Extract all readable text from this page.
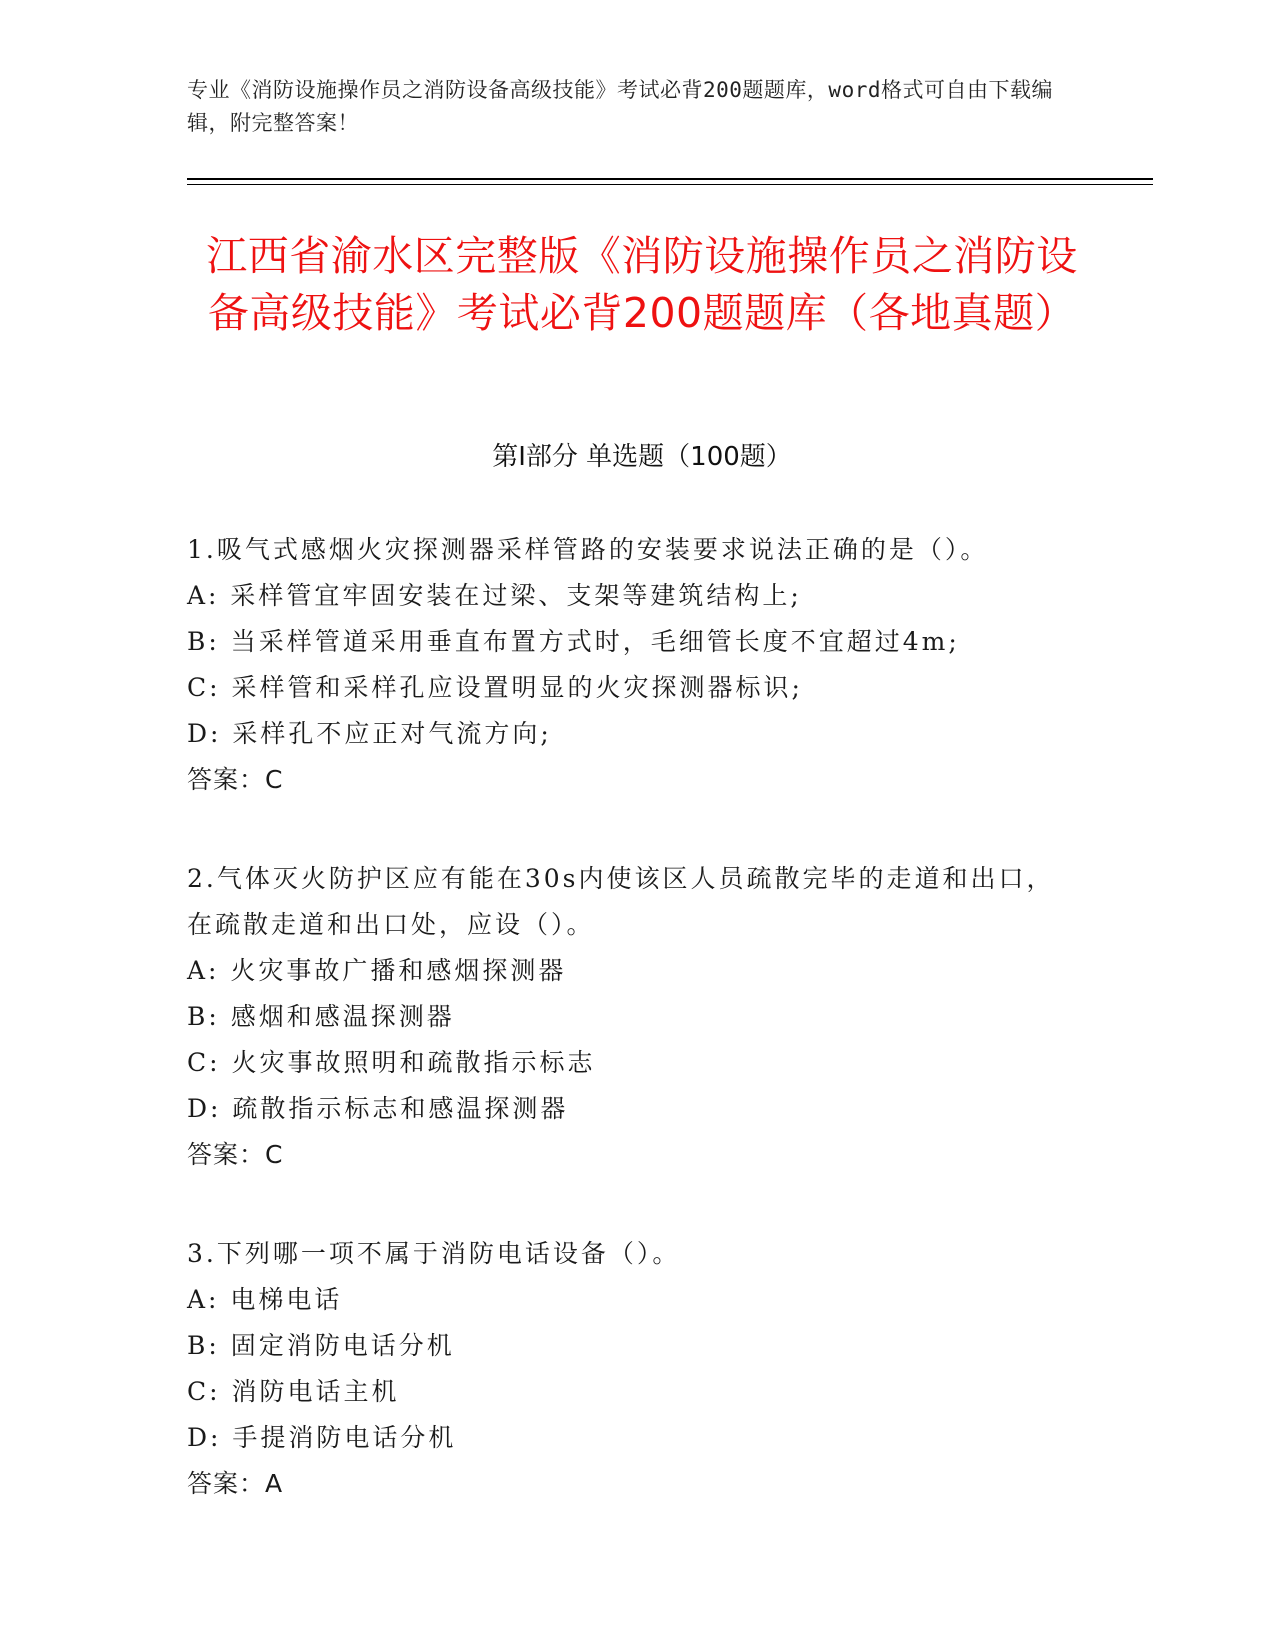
专业《消防设施操作员之消防设备高级技能》考试必背200题题库，word格式可自由下载编辑，附完整答案！
江西省渝水区完整版《消防设施操作员之消防设备高级技能》考试必背200题题库（各地真题）
第Ⅰ部分 单选题（100题）
1.吸气式感烟火灾探测器采样管路的安装要求说法正确的是（）。
A: 采样管宜牢固安装在过梁、支架等建筑结构上;
B: 当采样管道采用垂直布置方式时，毛细管长度不宜超过4m;
C: 采样管和采样孔应设置明显的火灾探测器标识;
D: 采样孔不应正对气流方向;
答案：C
2.气体灭火防护区应有能在30s内使该区人员疏散完毕的走道和出口，在疏散走道和出口处，应设（）。
A: 火灾事故广播和感烟探测器
B: 感烟和感温探测器
C: 火灾事故照明和疏散指示标志
D: 疏散指示标志和感温探测器
答案：C
3.下列哪一项不属于消防电话设备（）。
A: 电梯电话
B: 固定消防电话分机
C: 消防电话主机
D: 手提消防电话分机
答案：A
